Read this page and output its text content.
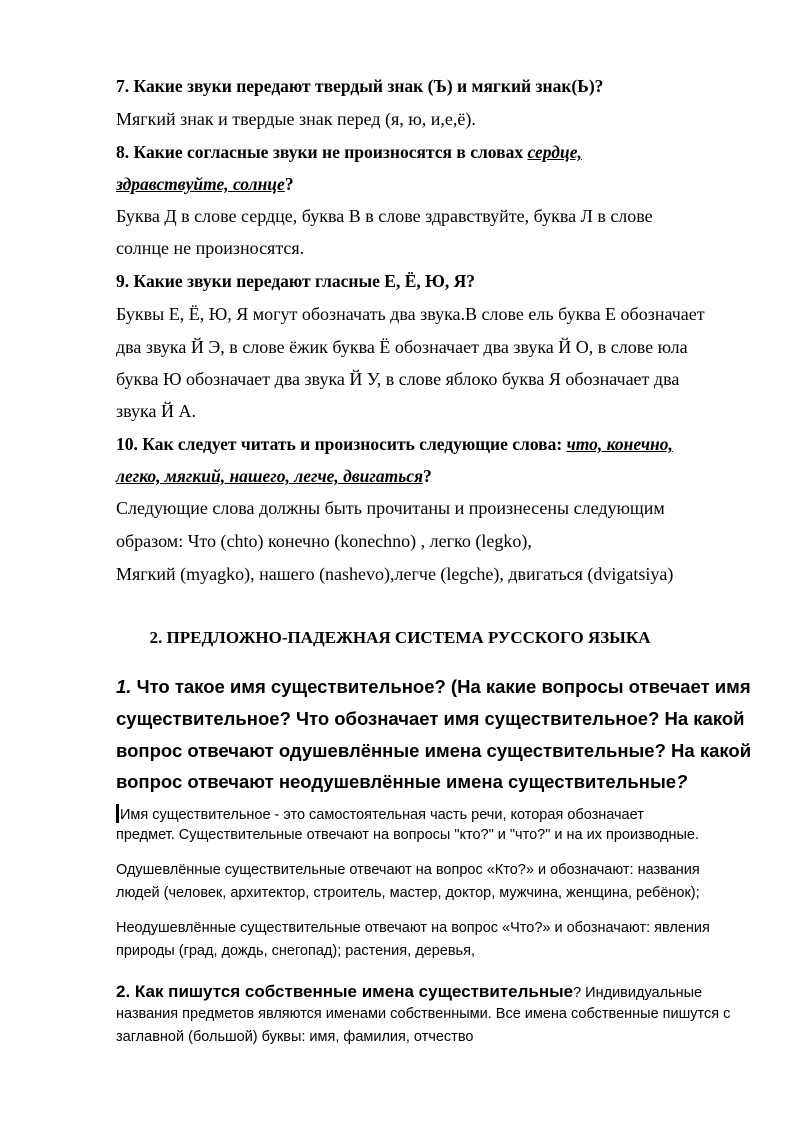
7. Какие звуки передают твердый знак (Ъ) и мягкий знак(Ь)?
Мягкий знак и твердые знак перед (я, ю, и,е,ё).
8. Какие согласные звуки не произносятся в словах сердце,
здравствуйте, солнце?
Буква Д в слове сердце, буква В в слове здравствуйте, буква Л в слове
солнце не произносятся.
9. Какие звуки передают гласные Е, Ё, Ю, Я?
Буквы Е, Ё, Ю, Я могут обозначать два звука.В слове ель буква Е обозначает
два звука Й Э, в слове ёжик буква Ё обозначает два звука Й О, в слове юла
буква Ю обозначает два звука Й У, в слове яблоко буква Я обозначает два
звука Й А.
10. Как следует читать и произносить следующие слова: что, конечно,
легко, мягкий, нашего, легче, двигаться?
Следующие слова должны быть прочитаны и произнесены следующим
образом: Что (chto) конечно (konechno) , легко (legko),
Мягкий (myagko), нашего (nashevo),легче (legche), двигаться (dvigatsiya)
2. ПРЕДЛОЖНО-ПАДЕЖНАЯ СИСТЕМА РУССКОГО ЯЗЫКА
1. Что такое имя существительное? (На какие вопросы отвечает имя
существительное? Что обозначает имя существительное? На какой
вопрос отвечают одушевлённые имена существительные? На какой
вопрос отвечают неодушевлённые имена существительные?
Имя существительное - это самостоятельная часть речи, которая обозначает
предмет. Существительные отвечают на вопросы "кто?" и "что?" и на их производные.
Одушевлённые существительные отвечают на вопрос «Кто?» и обозначают: названия
людей (человек, архитектор, строитель, мастер, доктор, мужчина, женщина, ребёнок);
Неодушевлённые существительные отвечают на вопрос «Что?» и обозначают: явления
природы (град, дождь, снегопад); растения, деревья,
2. Как пишутся собственные имена существительные? Индивидуальные
названия предметов являются именами собственными. Все имена собственные пишутся с
заглавной (большой) буквы: имя, фамилия, отчество
